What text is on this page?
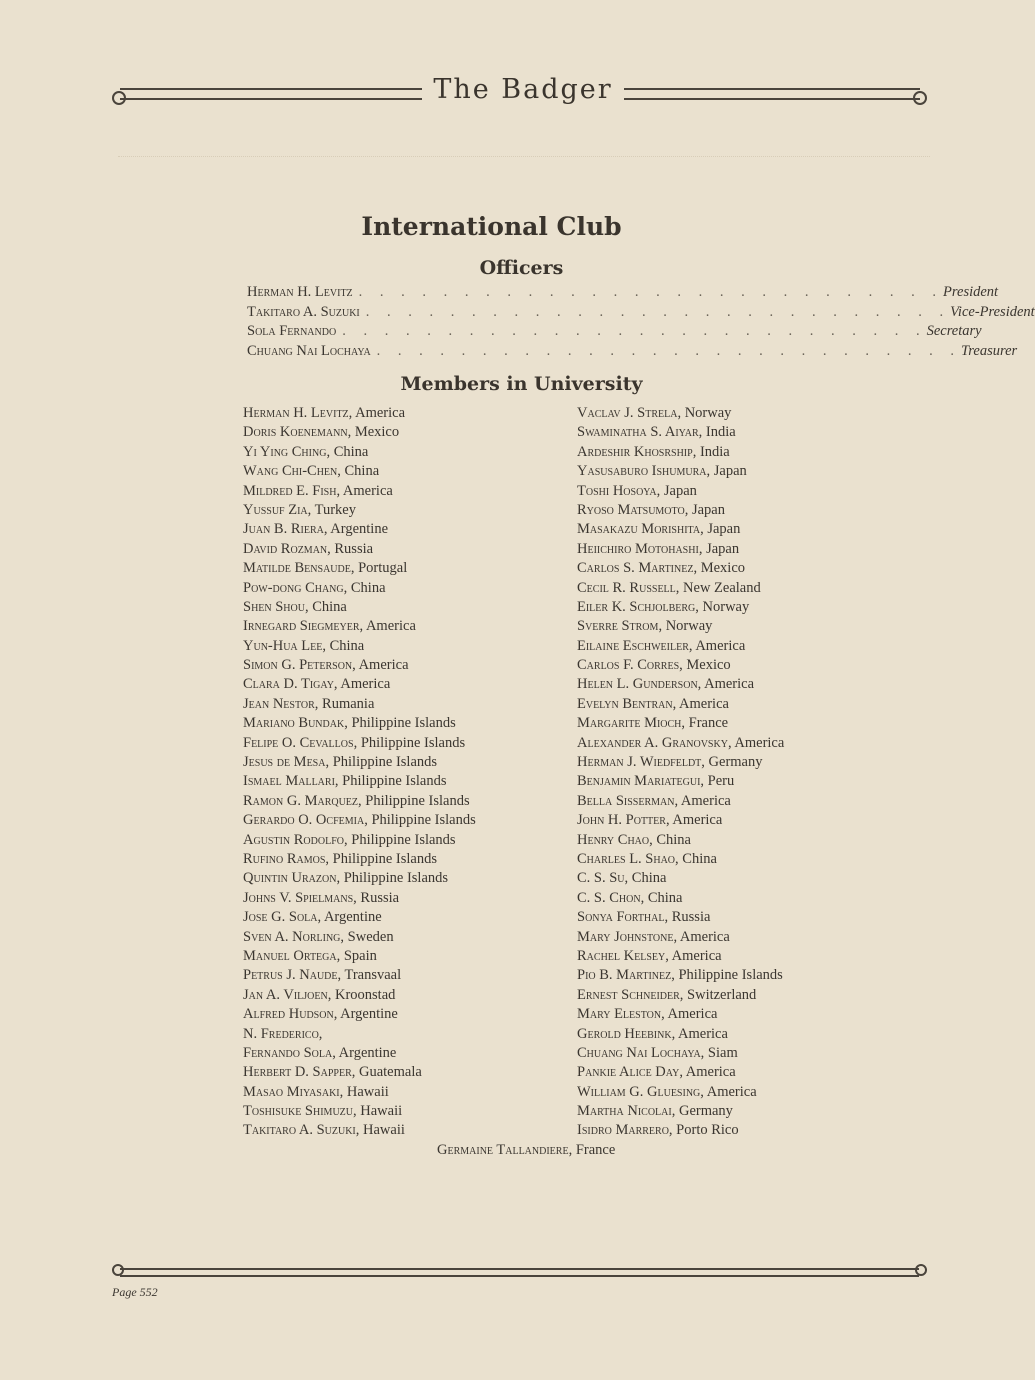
The Badger
International Club
Officers
Herman H. Levitz . . . . . . . . . . . . . . . . . . . . . . . . . . . . President
Takitaro A. Suzuki . . . . . . . . . . . . . . . . . . . . . . . . . . . . Vice-President
Sola Fernando . . . . . . . . . . . . . . . . . . . . . . . . . . . . Secretary
Chuang Nai Lochaya . . . . . . . . . . . . . . . . . . . . . . . . . . . . Treasurer
Members in University
Herman H. Levitz, America
Doris Koenemann, Mexico
Yi Ying Ching, China
Wang Chi-Chen, China
Mildred E. Fish, America
Yussuf Zia, Turkey
Juan B. Riera, Argentine
David Rozman, Russia
Matilde Bensaude, Portugal
Pow-dong Chang, China
Shen Shou, China
Irnegard Siegmeyer, America
Yun-Hua Lee, China
Simon G. Peterson, America
Clara D. Tigay, America
Jean Nestor, Rumania
Mariano Bundak, Philippine Islands
Felipe O. Cevallos, Philippine Islands
Jesus de Mesa, Philippine Islands
Ismael Mallari, Philippine Islands
Ramon G. Marquez, Philippine Islands
Gerardo O. Ocfemia, Philippine Islands
Agustin Rodolfo, Philippine Islands
Rufino Ramos, Philippine Islands
Quintin Urazon, Philippine Islands
Johns V. Spielmans, Russia
Jose G. Sola, Argentine
Sven A. Norling, Sweden
Manuel Ortega, Spain
Petrus J. Naude, Transvaal
Jan A. Viljoen, Kroonstad
Alfred Hudson, Argentine
N. Frederico,
Fernando Sola, Argentine
Herbert D. Sapper, Guatemala
Masao Miyasaki, Hawaii
Toshisuke Shimuzu, Hawaii
Takitaro A. Suzuki, Hawaii
Vaclav J. Strela, Norway
Swaminatha S. Aiyar, India
Ardeshir Khosrship, India
Yasusaburo Ishumura, Japan
Toshi Hosoya, Japan
Ryoso Matsumoto, Japan
Masakazu Morishita, Japan
Heiichiro Motohashi, Japan
Carlos S. Martinez, Mexico
Cecil R. Russell, New Zealand
Eiler K. Schjolberg, Norway
Sverre Strom, Norway
Eilaine Eschweiler, America
Carlos F. Corres, Mexico
Helen L. Gunderson, America
Evelyn Bentran, America
Margarite Mioch, France
Alexander A. Granovsky, America
Herman J. Wiedfeldt, Germany
Benjamin Mariategui, Peru
Bella Sisserman, America
John H. Potter, America
Henry Chao, China
Charles L. Shao, China
C. S. Su, China
C. S. Chon, China
Sonya Forthal, Russia
Mary Johnstone, America
Rachel Kelsey, America
Pio B. Martinez, Philippine Islands
Ernest Schneider, Switzerland
Mary Eleston, America
Gerold Heebink, America
Chuang Nai Lochaya, Siam
Pankie Alice Day, America
William G. Gluesing, America
Martha Nicolai, Germany
Isidro Marrero, Porto Rico
Germaine Tallandiere, France
Page 552
